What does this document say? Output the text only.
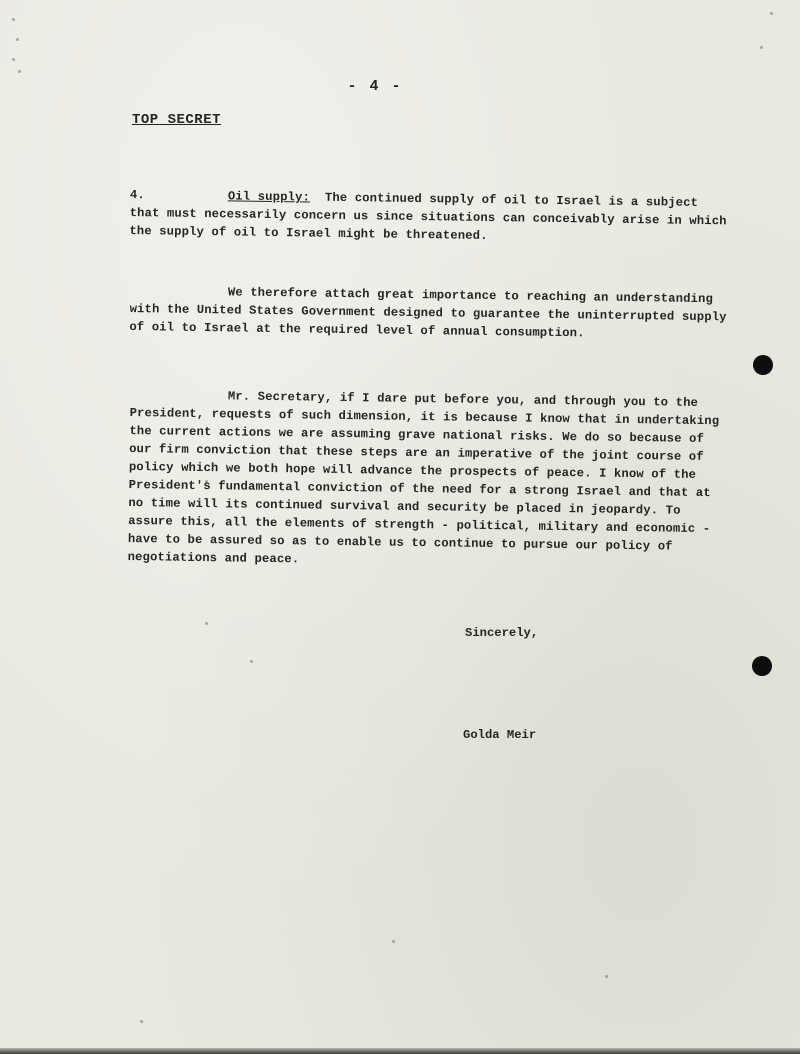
- 4 -
TOP SECRET
4.	Oil supply: The continued supply of oil to Israel is a subject that must necessarily concern us since situations can conceivably arise in which the supply of oil to Israel might be threatened.
We therefore attach great importance to reaching an understanding with the United States Government designed to guarantee the uninterrupted supply of oil to Israel at the required level of annual consumption.
Mr. Secretary, if I dare put before you, and through you to the President, requests of such dimension, it is because I know that in undertaking the current actions we are assuming grave national risks. We do so because of our firm conviction that these steps are an imperative of the joint course of policy which we both hope will advance the prospects of peace. I know of the President's fundamental conviction of the need for a strong Israel and that at no time will its continued survival and security be placed in jeopardy. To assure this, all the elements of strength - political, military and economic - have to be assured so as to enable us to continue to pursue our policy of negotiations and peace.
Sincerely,
Golda Meir
